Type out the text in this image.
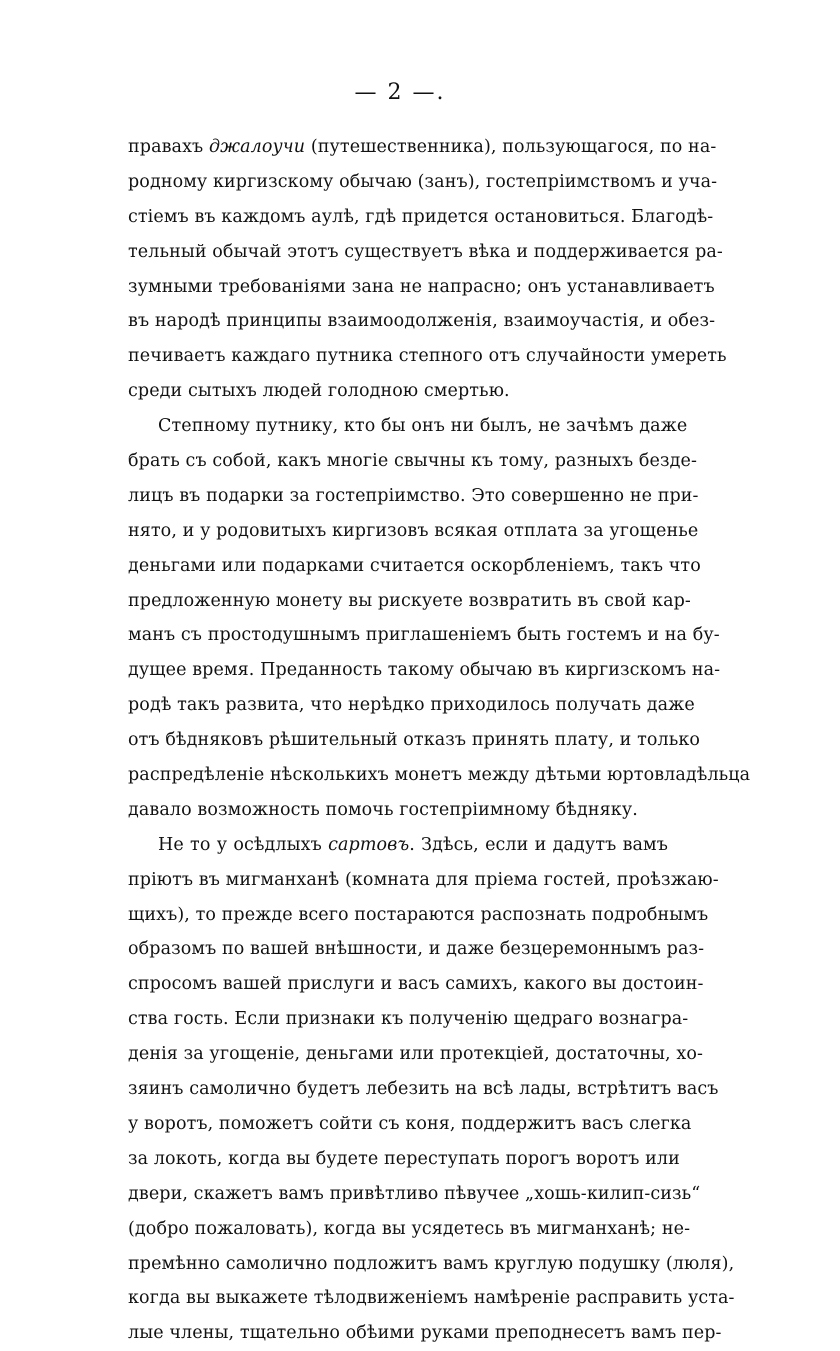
— 2 —.
правахъ джалоучи (путешественника), пользующагося, по на-
родному киргизскому обычаю (занъ), гостепріимствомъ и уча-
стіемъ въ каждомъ аулѣ, гдѣ придется остановиться. Благодѣ-
тельный обычай этотъ существуетъ вѣка и поддерживается ра-
зумными требованіями зана не напрасно; онъ устанавливаетъ
въ народѣ принципы взаимоодолженія, взаимоучастія, и обез-
печиваетъ каждаго путника степного отъ случайности умереть
среди сытыхъ людей голодною смертью.
Степному путнику, кто бы онъ ни былъ, не зачѣмъ даже
брать съ собой, какъ многіе свычны къ тому, разныхъ безде-
лицъ въ подарки за гостепріимство. Это совершенно не при-
нято, и у родовитыхъ киргизовъ всякая отплата за угощенье
деньгами или подарками считается оскорбленіемъ, такъ что
предложенную монету вы рискуете возвратить въ свой кар-
манъ съ простодушнымъ приглашеніемъ быть гостемъ и на бу-
дущее время. Преданность такому обычаю въ киргизскомъ на-
родѣ такъ развита, что нерѣдко приходилось получать даже
отъ бѣдняковъ рѣшительный отказъ принять плату, и только
распредѣленіе нѣсколькихъ монетъ между дѣтьми юртовладѣльца
давало возможность помочь гостепріимному бѣдняку.
Не то у осѣдлыхъ сартовъ. Здѣсь, если и дадутъ вамъ
пріютъ въ мигманханѣ (комната для пріема гостей, проѣзжаю-
щихъ), то прежде всего постараются распознать подробнымъ
образомъ по вашей внѣшности, и даже безцеремоннымъ раз-
спросомъ вашей прислуги и васъ самихъ, какого вы достоин-
ства гость. Если признаки къ полученію щедраго вознагра-
денія за угощеніе, деньгами или протекціей, достаточны, хо-
зяинъ самолично будетъ лебезить на всѣ лады, встрѣтитъ васъ
у воротъ, поможетъ сойти съ коня, поддержитъ васъ слегка
за локоть, когда вы будете переступать порогъ воротъ или
двери, скажетъ вамъ привѣтливо пѣвучее „хошь-килип-сизь“
(добро пожаловать), когда вы усядетесь въ мигманханѣ; не-
премѣнно самолично подложитъ вамъ круглую подушку (люля),
когда вы выкажете тѣлодвиженіемъ намѣреніе расправить уста-
лые члены, тщательно обѣими руками преподнесетъ вамъ пер-
